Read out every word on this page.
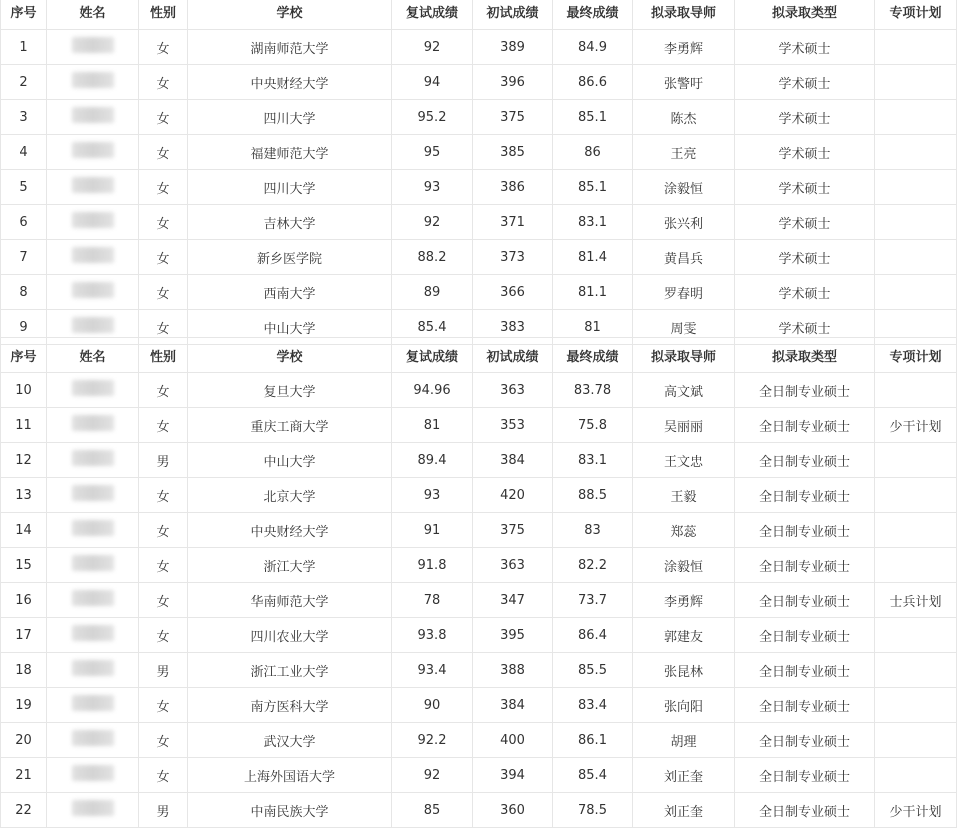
序号	姓名	性别	学校	复试成绩	初试成绩	最终成绩	拟录取导师	拟录取类型	专项计划
1		女	湖南师范大学	92	389	84.9	李勇辉	学术硕士	
2		女	中央财经大学	94	396	86.6	张警吁	学术硕士	
3		女	四川大学	95.2	375	85.1	陈杰	学术硕士	
4		女	福建师范大学	95	385	86	王亮	学术硕士	
5		女	四川大学	93	386	85.1	涂毅恒	学术硕士	
6		女	吉林大学	92	371	83.1	张兴利	学术硕士	
7		女	新乡医学院	88.2	373	81.4	黄昌兵	学术硕士	
8		女	西南大学	89	366	81.1	罗春明	学术硕士	
9		女	中山大学	85.4	383	81	周雯	学术硕士	
序号	姓名	性别	学校	复试成绩	初试成绩	最终成绩	拟录取导师	拟录取类型	专项计划
10		女	复旦大学	94.96	363	83.78	高文斌	全日制专业硕士	
11		女	重庆工商大学	81	353	75.8	吴丽丽	全日制专业硕士	少干计划
12		男	中山大学	89.4	384	83.1	王文忠	全日制专业硕士	
13		女	北京大学	93	420	88.5	王毅	全日制专业硕士	
14		女	中央财经大学	91	375	83	郑蕊	全日制专业硕士	
15		女	浙江大学	91.8	363	82.2	涂毅恒	全日制专业硕士	
16		女	华南师范大学	78	347	73.7	李勇辉	全日制专业硕士	士兵计划
17		女	四川农业大学	93.8	395	86.4	郭建友	全日制专业硕士	
18		男	浙江工业大学	93.4	388	85.5	张昆林	全日制专业硕士	
19		女	南方医科大学	90	384	83.4	张向阳	全日制专业硕士	
20		女	武汉大学	92.2	400	86.1	胡理	全日制专业硕士	
21		女	上海外国语大学	92	394	85.4	刘正奎	全日制专业硕士	
22		男	中南民族大学	85	360	78.5	刘正奎	全日制专业硕士	少干计划
